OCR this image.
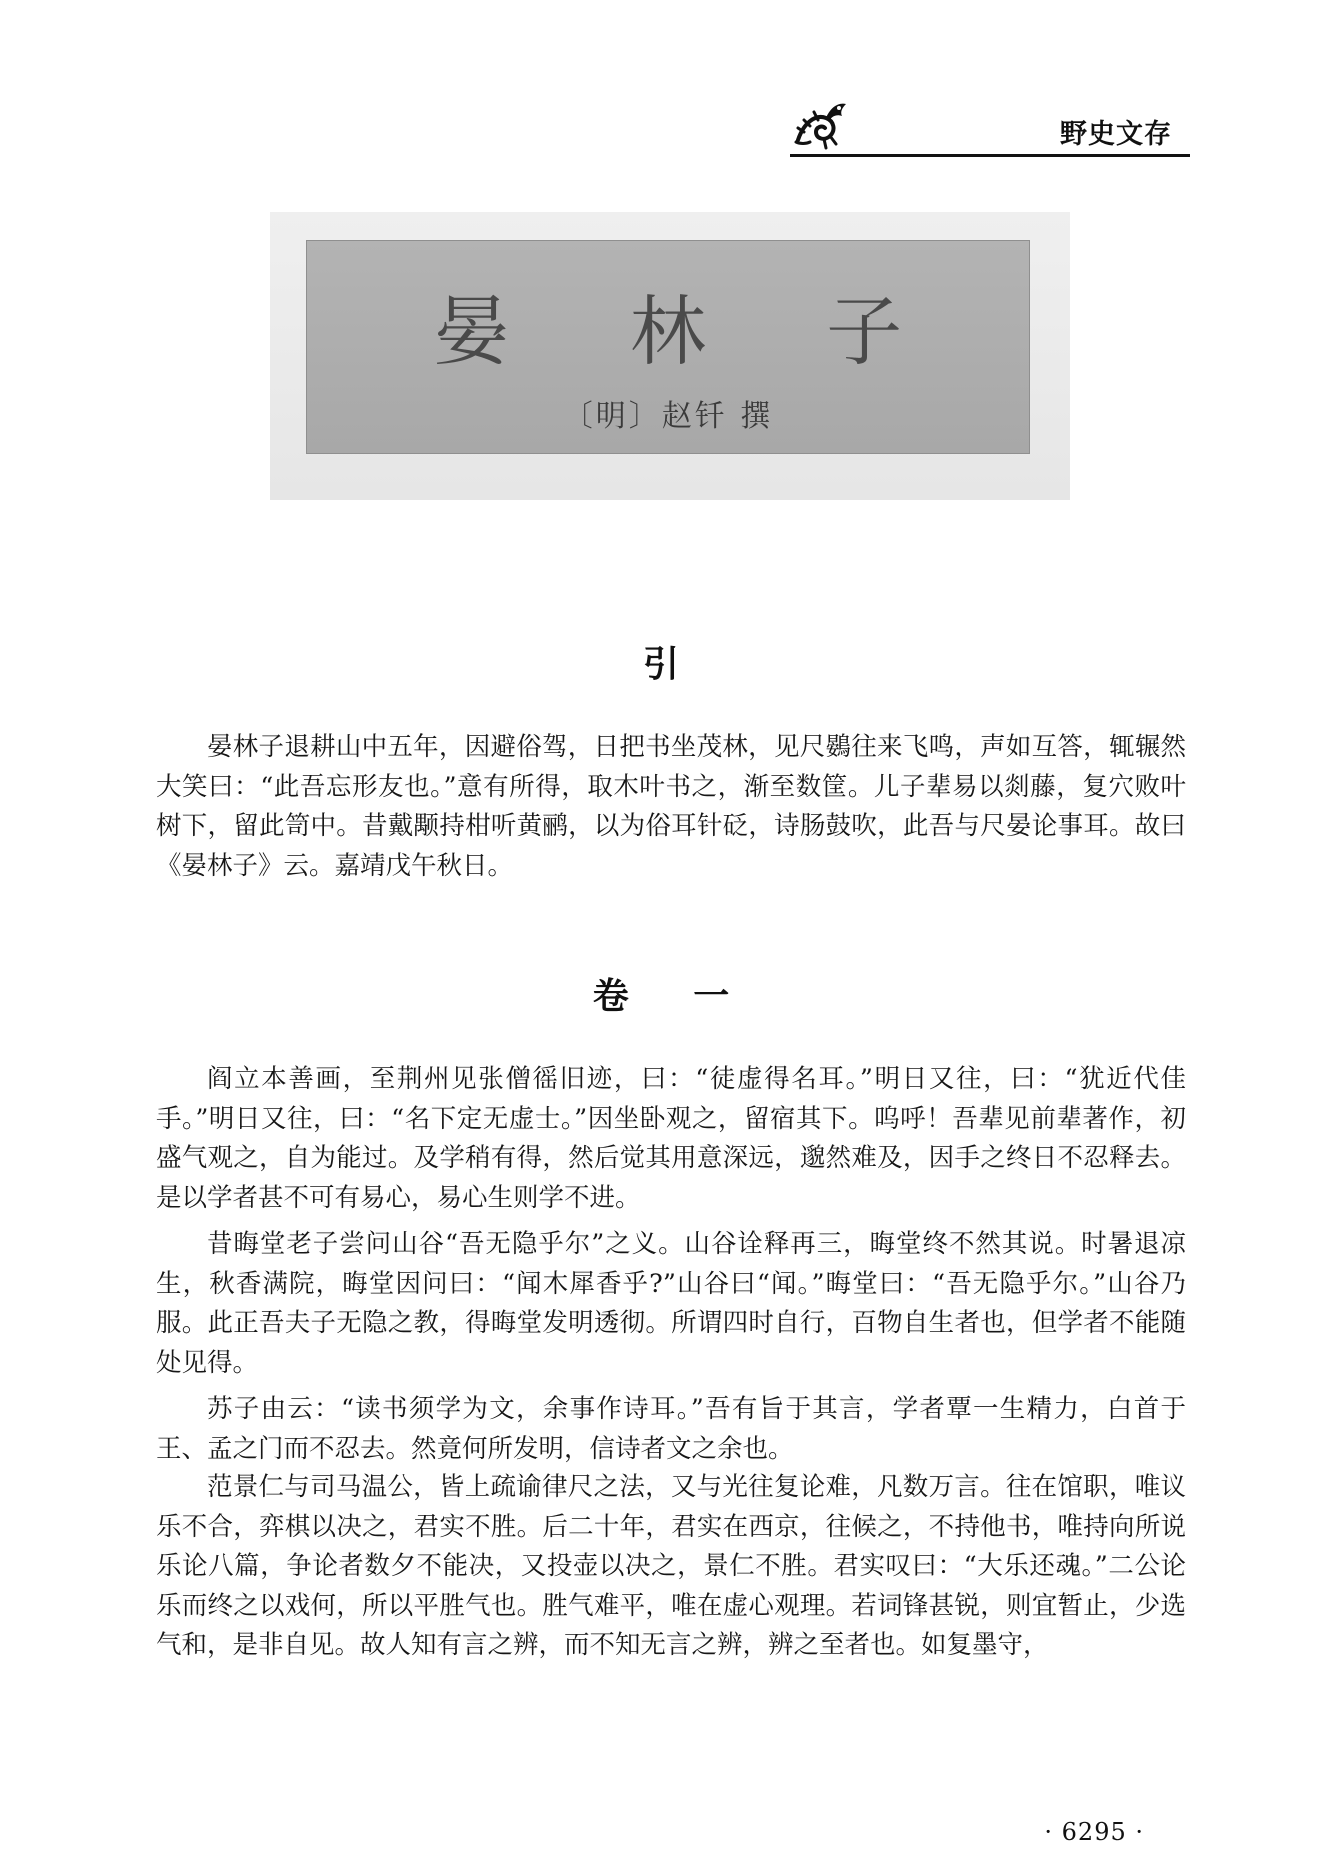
野史文存
晏 林 子
〔明〕赵钎 撰
引

晏林子退耕山中五年，因避俗驾，日把书坐茂林，见尺鷃往来飞鸣，声如互答，辄辗然大笑曰：“此吾忘形友也。”意有所得，取木叶书之，渐至数筐。儿子辈易以剡藤，复穴败叶树下，留此笥中。昔戴颙持柑听黄鹂，以为俗耳针砭，诗肠鼓吹，此吾与尺晏论事耳。故曰《晏林子》云。嘉靖戊午秋日。

卷 一

阎立本善画，至荆州见张僧徭旧迹，曰：“徒虚得名耳。”明日又往，曰：“犹近代佳手。”明日又往，曰：“名下定无虚士。”因坐卧观之，留宿其下。呜呼！吾辈见前辈著作，初盛气观之，自为能过。及学稍有得，然后觉其用意深远，邈然难及，因手之终日不忍释去。是以学者甚不可有易心，易心生则学不进。

昔晦堂老子尝问山谷“吾无隐乎尔”之义。山谷诠释再三，晦堂终不然其说。时暑退凉生，秋香满院，晦堂因问曰：“闻木犀香乎?”山谷曰“闻。”晦堂曰：“吾无隐乎尔。”山谷乃服。此正吾夫子无隐之教，得晦堂发明透彻。所谓四时自行，百物自生者也，但学者不能随处见得。

苏子由云：“读书须学为文，余事作诗耳。”吾有旨于其言，学者覃一生精力，白首于王、孟之门而不忍去。然竟何所发明，信诗者文之余也。

范景仁与司马温公，皆上疏谕律尺之法，又与光往复论难，凡数万言。往在馆职，唯议乐不合，弈棋以决之，君实不胜。后二十年，君实在西京，往候之，不持他书，唯持向所说乐论八篇，争论者数夕不能决，又投壶以决之，景仁不胜。君实叹曰：“大乐还魂。”二公论乐而终之以戏何，所以平胜气也。胜气难平，唯在虚心观理。若词锋甚锐，则宜暂止，少选气和，是非自见。故人知有言之辨，而不知无言之辨，辨之至者也。如复墨守，

· 6295 ·
